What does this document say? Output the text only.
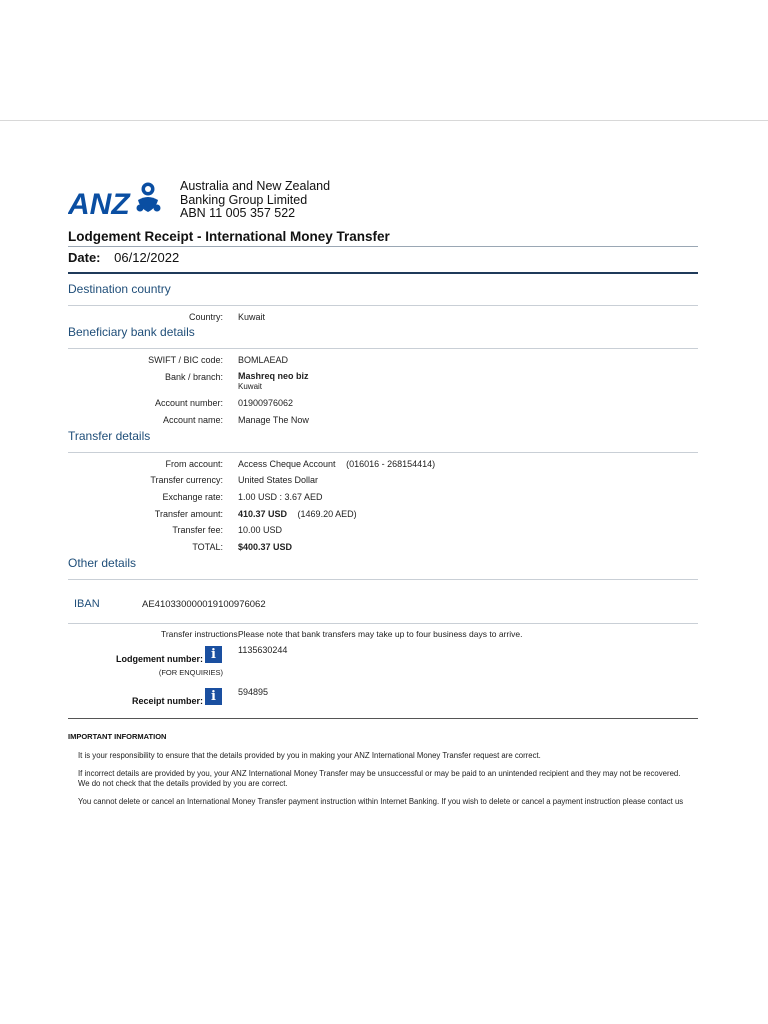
ANZ
Australia and New Zealand
Banking Group Limited
ABN 11 005 357 522
Lodgement Receipt - International Money Transfer
Date: 06/12/2022
Destination country
Country: Kuwait
Beneficiary bank details
SWIFT / BIC code: BOMLAEAD
Bank / branch: Mashreq neo biz
Kuwait
Account number: 01900976062
Account name: Manage The Now
Transfer details
From account: Access Cheque Account (016016 - 268154414)
Transfer currency: United States Dollar
Exchange rate: 1.00 USD : 3.67 AED
Transfer amount: 410.37 USD (1469.20 AED)
Transfer fee: 10.00 USD
TOTAL: $400.37 USD
Other details
IBAN	AE410330000019100976062
Transfer instructions:
Please note that bank transfers may take up to four business days to arrive.
Lodgement number: i	1135630244
(FOR ENQUIRIES)
Receipt number: i	594895
IMPORTANT INFORMATION
It is your responsibility to ensure that the details provided by you in making your ANZ International Money Transfer request are correct.
If incorrect details are provided by you, your ANZ International Money Transfer may be unsuccessful or may be paid to an unintended recipient and they may not be recovered. We do not check that the details provided by you are correct.
You cannot delete or cancel an International Money Transfer payment instruction within Internet Banking. If you wish to delete or cancel a payment instruction please contact us
